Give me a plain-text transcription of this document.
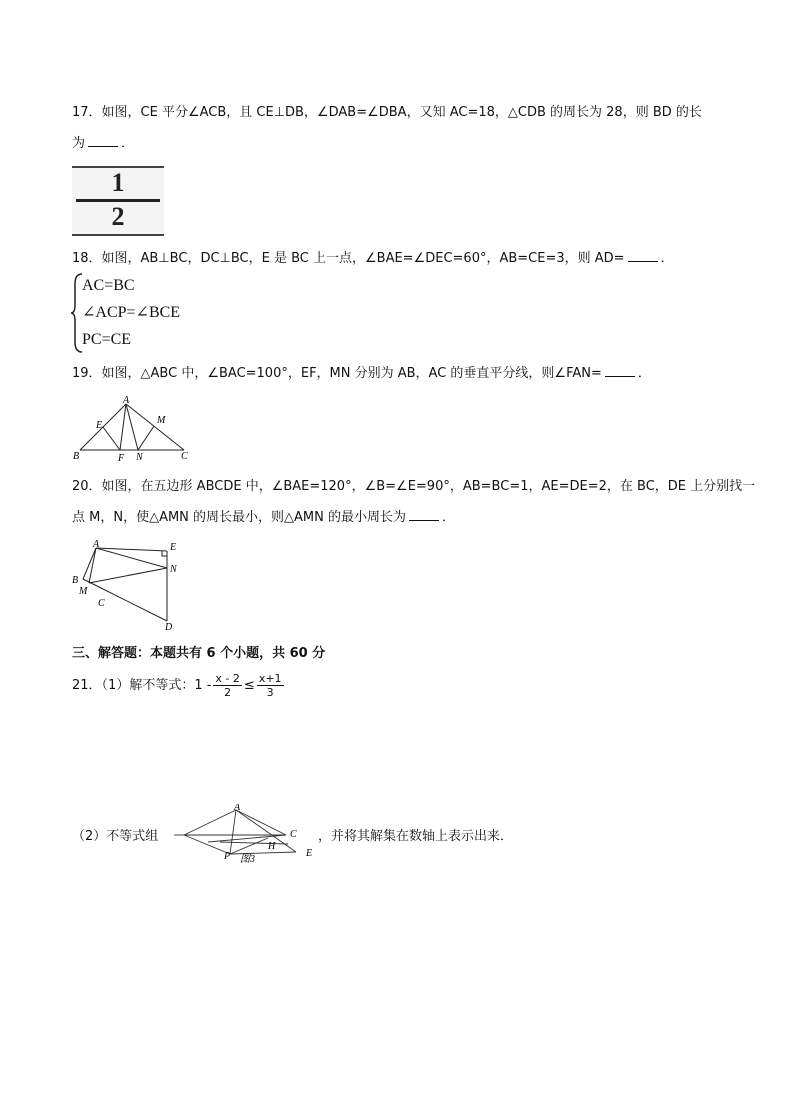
17．如图，CE 平分∠ACB，且 CE⊥DB，∠DAB=∠DBA，又知 AC=18，△CDB 的周长为 28，则 BD 的长
为	．
1
2
18．如图，AB⊥BC，DC⊥BC，E 是 BC 上一点，∠BAE=∠DEC=60°，AB=CE=3，则 AD=	．
AC=BC
∠ACP=∠BCE
PC=CE
19．如图，△ABC 中，∠BAC=100°，EF，MN 分别为 AB，AC 的垂直平分线，则∠FAN=	．
A
E	M
B	F N	C
20．如图，在五边形 ABCDE 中，∠BAE=120°，∠B=∠E=90°，AB=BC=1，AE=DE=2，在 BC，DE 上分别找一
点 M，N，使△AMN 的周长最小，则△AMN 的最小周长为	．
A	E
N
B
M
C
D
三、解答题：本题共有 6 个小题，共 60 分
21．（1）解不等式：$1 - \frac{x - 2}{2} \le \frac{x+1}{3}$
（2）不等式组
A
C
E
P
H
图3
，并将其解集在数轴上表示出来．
